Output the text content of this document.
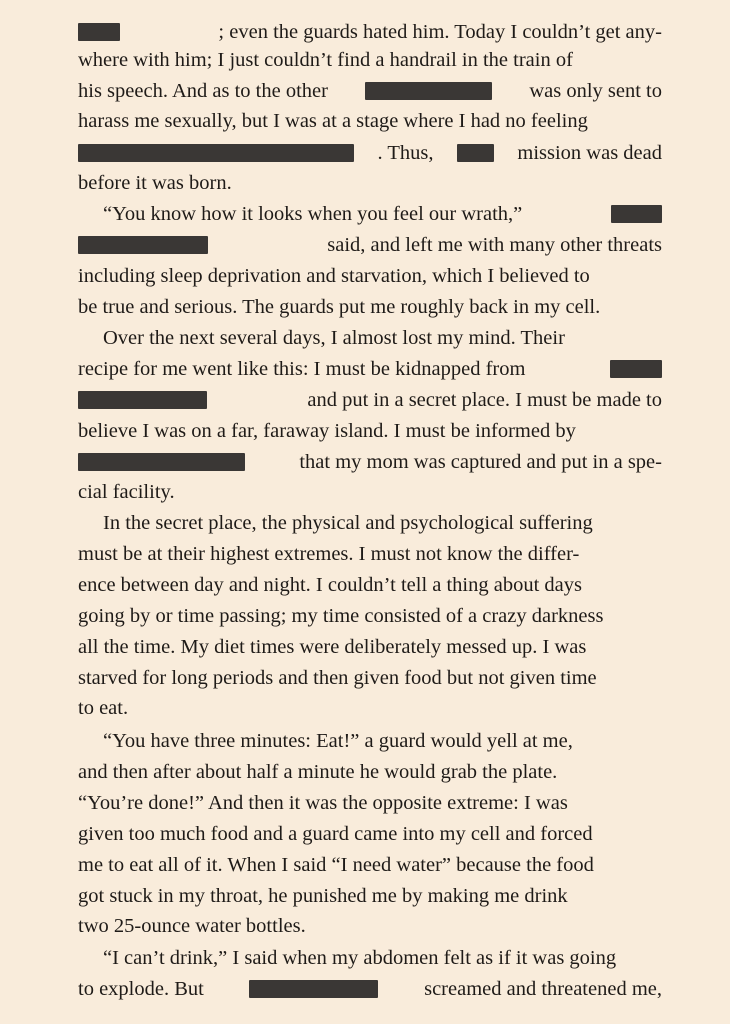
; even the guards hated him. Today I couldn’t get any-
where with him; I just couldn’t find a handrail in the train of
his speech. And as to the other	was only sent to
harass me sexually, but I was at a stage where I had no feeling
. Thus,	mission was dead
before it was born.
“You know how it looks when you feel our wrath,”
said, and left me with many other threats
including sleep deprivation and starvation, which I believed to
be true and serious. The guards put me roughly back in my cell.
Over the next several days, I almost lost my mind. Their
recipe for me went like this: I must be kidnapped from
and put in a secret place. I must be made to
believe I was on a far, faraway island. I must be informed by
that my mom was captured and put in a spe-
cial facility.
In the secret place, the physical and psychological suffering
must be at their highest extremes. I must not know the differ-
ence between day and night. I couldn’t tell a thing about days
going by or time passing; my time consisted of a crazy darkness
all the time. My diet times were deliberately messed up. I was
starved for long periods and then given food but not given time
to eat.
“You have three minutes: Eat!” a guard would yell at me,
and then after about half a minute he would grab the plate.
“You’re done!” And then it was the opposite extreme: I was
given too much food and a guard came into my cell and forced
me to eat all of it. When I said “I need water” because the food
got stuck in my throat, he punished me by making me drink
two 25-ounce water bottles.
“I can’t drink,” I said when my abdomen felt as if it was going
to explode. But	screamed and threatened me,
